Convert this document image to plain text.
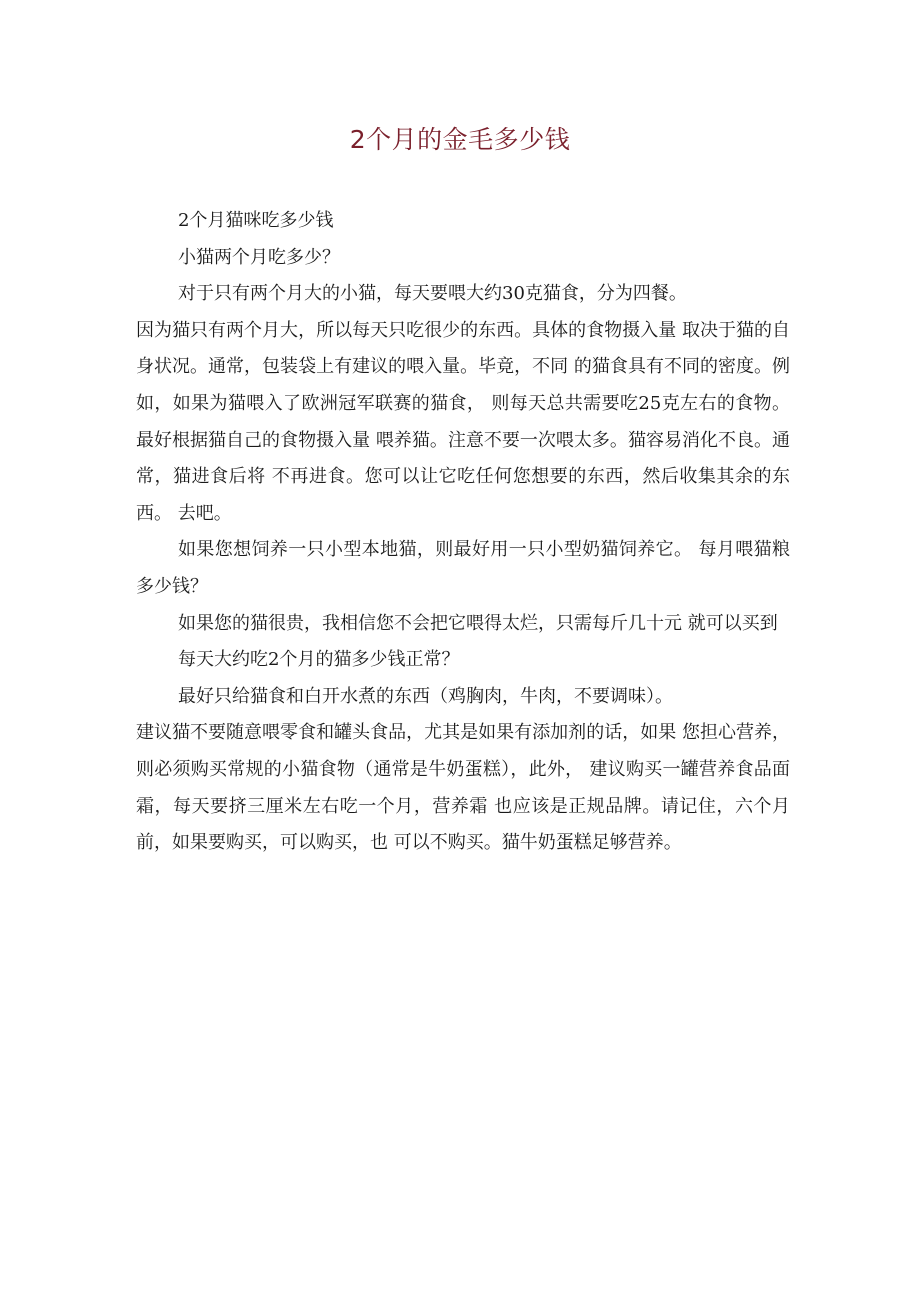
2个月的金毛多少钱

2个月猫咪吃多少钱

小猫两个月吃多少？

对于只有两个月大的小猫，每天要喂大约30克猫食，分为四餐。

因为猫只有两个月大，所以每天只吃很少的东西。具体的食物摄入量 取决于猫的自身状况。通常，包装袋上有建议的喂入量。毕竟，不同 的猫食具有不同的密度。例如，如果为猫喂入了欧洲冠军联赛的猫食， 则每天总共需要吃25克左右的食物。最好根据猫自己的食物摄入量 喂养猫。注意不要一次喂太多。猫容易消化不良。通常，猫进食后将 不再进食。您可以让它吃任何您想要的东西，然后收集其余的东西。 去吧。

如果您想饲养一只小型本地猫，则最好用一只小型奶猫饲养它。 每月喂猫粮多少钱？

如果您的猫很贵，我相信您不会把它喂得太烂，只需每斤几十元 就可以买到

每天大约吃2个月的猫多少钱正常？

最好只给猫食和白开水煮的东西（鸡胸肉，牛肉，不要调味）。

建议猫不要随意喂零食和罐头食品，尤其是如果有添加剂的话，如果 您担心营养，则必须购买常规的小猫食物（通常是牛奶蛋糕），此外， 建议购买一罐营养食品面霜，每天要挤三厘米左右吃一个月，营养霜 也应该是正规品牌。请记住，六个月前，如果要购买，可以购买，也 可以不购买。猫牛奶蛋糕足够营养。
